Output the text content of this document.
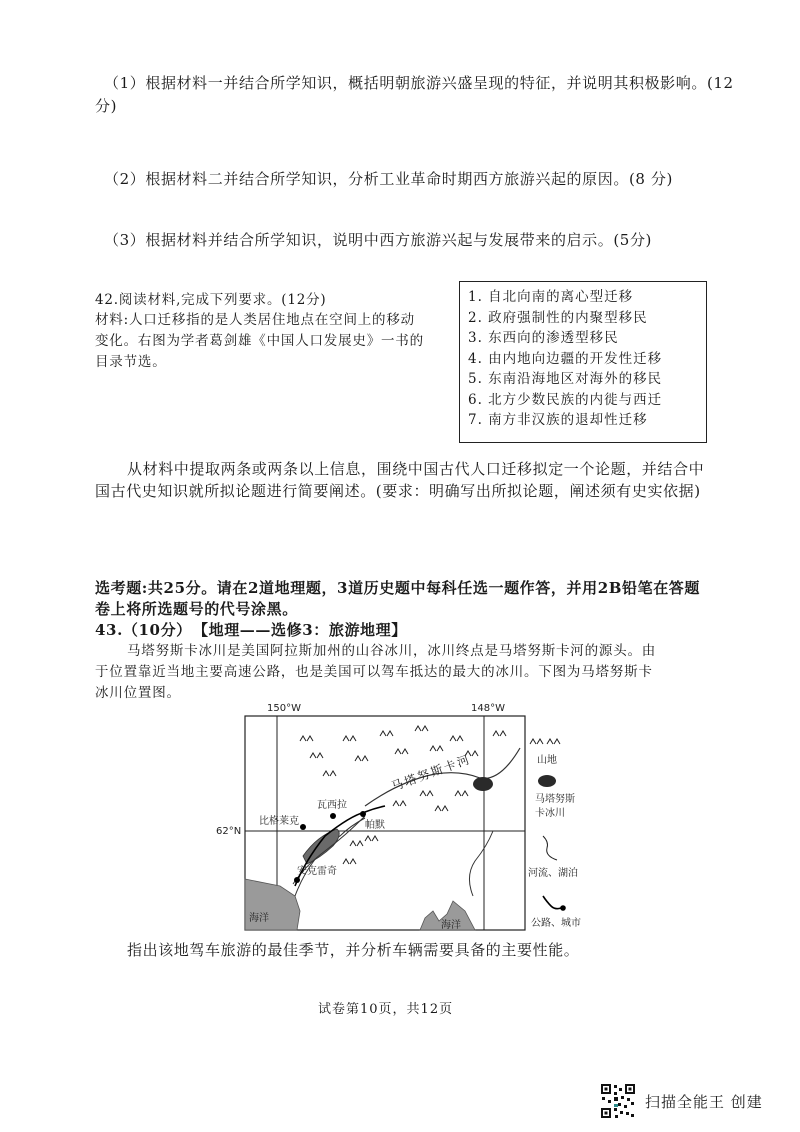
（1）根据材料一并结合所学知识，概括明朝旅游兴盛呈现的特征，并说明其积极影响。(12
分)
（2）根据材料二并结合所学知识，分析工业革命时期西方旅游兴起的原因。(8 分)
（3）根据材料并结合所学知识，说明中西方旅游兴起与发展带来的启示。(5分)
42.阅读材料,完成下列要求。(12分)
材料:人口迁移指的是人类居住地点在空间上的移动
变化。右图为学者葛剑雄《中国人口发展史》一书的
目录节选。
1. 自北向南的离心型迁移
2. 政府强制性的内聚型移民
3. 东西向的渗透型移民
4. 由内地向边疆的开发性迁移
5. 东南沿海地区对海外的移民
6. 北方少数民族的内徙与西迁
7. 南方非汉族的退却性迁移
从材料中提取两条或两条以上信息，围绕中国古代人口迁移拟定一个论题，并结合中
国古代史知识就所拟论题进行简要阐述。(要求：明确写出所拟论题，阐述须有史实依据)
选考题:共25分。请在2道地理题，3道历史题中每科任选一题作答，并用2B铅笔在答题
卷上将所选题号的代号涂黑。
43.（10分） 【地理——选修3：旅游地理】
马塔努斯卡冰川是美国阿拉斯加州的山谷冰川，冰川终点是马塔努斯卡河的源头。由
于位置靠近当地主要高速公路，也是美国可以驾车抵达的最大的冰川。下图为马塔努斯卡
冰川位置图。
150°W	148°W
62°N
海洋
海洋
马塔努斯卡河
瓦西拉
帕默
比格莱克
安克雷奇
山地
马塔努斯
卡冰川
河流、湖泊
公路、城市
指出该地驾车旅游的最佳季节，并分析车辆需要具备的主要性能。
试卷第10页，共12页
扫描全能王 创建
